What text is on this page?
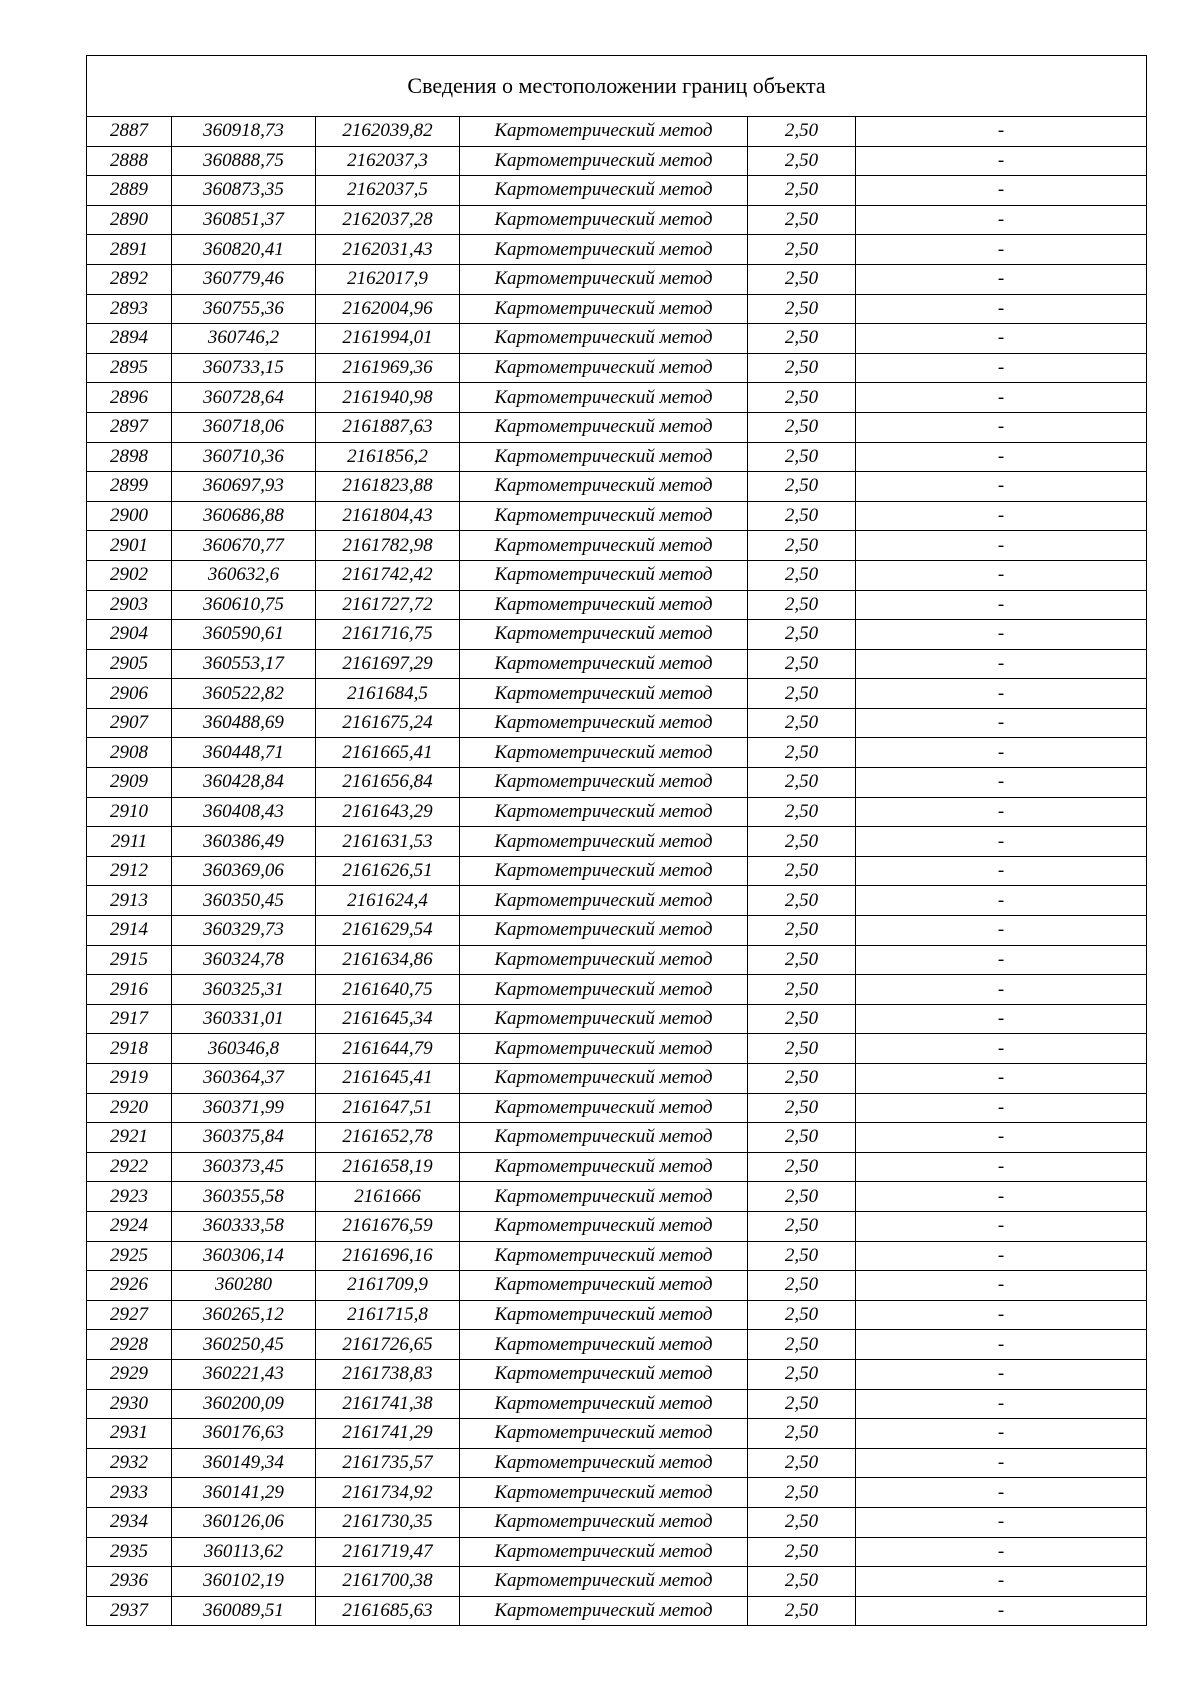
Сведения о местоположении границ объекта					
2887	360918,73	2162039,82	Картометрический метод	2,50	-
2888	360888,75	2162037,3	Картометрический метод	2,50	-
2889	360873,35	2162037,5	Картометрический метод	2,50	-
2890	360851,37	2162037,28	Картометрический метод	2,50	-
2891	360820,41	2162031,43	Картометрический метод	2,50	-
2892	360779,46	2162017,9	Картометрический метод	2,50	-
2893	360755,36	2162004,96	Картометрический метод	2,50	-
2894	360746,2	2161994,01	Картометрический метод	2,50	-
2895	360733,15	2161969,36	Картометрический метод	2,50	-
2896	360728,64	2161940,98	Картометрический метод	2,50	-
2897	360718,06	2161887,63	Картометрический метод	2,50	-
2898	360710,36	2161856,2	Картометрический метод	2,50	-
2899	360697,93	2161823,88	Картометрический метод	2,50	-
2900	360686,88	2161804,43	Картометрический метод	2,50	-
2901	360670,77	2161782,98	Картометрический метод	2,50	-
2902	360632,6	2161742,42	Картометрический метод	2,50	-
2903	360610,75	2161727,72	Картометрический метод	2,50	-
2904	360590,61	2161716,75	Картометрический метод	2,50	-
2905	360553,17	2161697,29	Картометрический метод	2,50	-
2906	360522,82	2161684,5	Картометрический метод	2,50	-
2907	360488,69	2161675,24	Картометрический метод	2,50	-
2908	360448,71	2161665,41	Картометрический метод	2,50	-
2909	360428,84	2161656,84	Картометрический метод	2,50	-
2910	360408,43	2161643,29	Картометрический метод	2,50	-
2911	360386,49	2161631,53	Картометрический метод	2,50	-
2912	360369,06	2161626,51	Картометрический метод	2,50	-
2913	360350,45	2161624,4	Картометрический метод	2,50	-
2914	360329,73	2161629,54	Картометрический метод	2,50	-
2915	360324,78	2161634,86	Картометрический метод	2,50	-
2916	360325,31	2161640,75	Картометрический метод	2,50	-
2917	360331,01	2161645,34	Картометрический метод	2,50	-
2918	360346,8	2161644,79	Картометрический метод	2,50	-
2919	360364,37	2161645,41	Картометрический метод	2,50	-
2920	360371,99	2161647,51	Картометрический метод	2,50	-
2921	360375,84	2161652,78	Картометрический метод	2,50	-
2922	360373,45	2161658,19	Картометрический метод	2,50	-
2923	360355,58	2161666	Картометрический метод	2,50	-
2924	360333,58	2161676,59	Картометрический метод	2,50	-
2925	360306,14	2161696,16	Картометрический метод	2,50	-
2926	360280	2161709,9	Картометрический метод	2,50	-
2927	360265,12	2161715,8	Картометрический метод	2,50	-
2928	360250,45	2161726,65	Картометрический метод	2,50	-
2929	360221,43	2161738,83	Картометрический метод	2,50	-
2930	360200,09	2161741,38	Картометрический метод	2,50	-
2931	360176,63	2161741,29	Картометрический метод	2,50	-
2932	360149,34	2161735,57	Картометрический метод	2,50	-
2933	360141,29	2161734,92	Картометрический метод	2,50	-
2934	360126,06	2161730,35	Картометрический метод	2,50	-
2935	360113,62	2161719,47	Картометрический метод	2,50	-
2936	360102,19	2161700,38	Картометрический метод	2,50	-
2937	360089,51	2161685,63	Картометрический метод	2,50	-
